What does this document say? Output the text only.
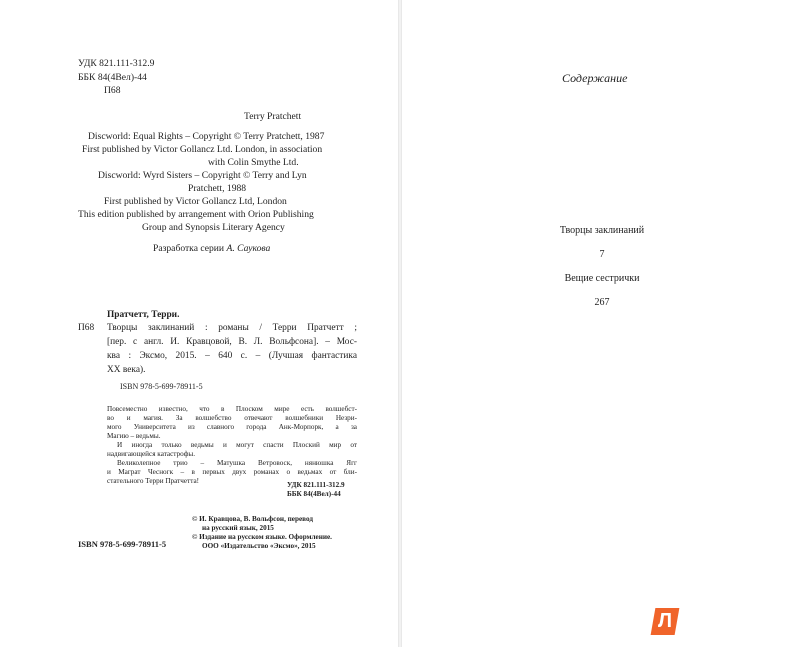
УДК 821.111-312.9
ББК 84(4Вел)-44
П68
Terry Pratchett
Discworld: Equal Rights – Copyright © Terry Pratchett, 1987
First published by Victor Gollancz Ltd. London, in association
with Colin Smythe Ltd.
Discworld: Wyrd Sisters – Copyright © Terry and Lyn
Pratchett, 1988
First published by Victor Gollancz Ltd, London
This edition published by arrangement with Orion Publishing
Group and Synopsis Literary Agency
Разработка серии А. Саукова
Пратчетт, Терри.
П68 Творцы заклинаний : романы / Терри Пратчетт ;
[пер. с англ. И. Кравцовой, В. Л. Вольфсона]. – Мос-
ква : Эксмо, 2015. – 640 с. – (Лучшая фантастика
XX века).
ISBN 978-5-699-78911-5
Повсеместно известно, что в Плоском мире есть волшебст-
во и магия. За волшебство отвечают волшебники Незри-
мого Университета из славного города Анк-Морпорк, а за
Магию – ведьмы.
И иногда только ведьмы и могут спасти Плоский мир от
надвигающейся катастрофы.
Великолепное трио – Матушка Ветровоск, нянюшка Ягг
и Маграт Чесногк – в первых двух романах о ведьмах от бли-
стательного Терри Пратчетта!	УДК 821.111-312.9
ББК 84(4Вел)-44
© И. Кравцова, В. Вольфсон, перевод
на русский язык, 2015
© Издание на русском языке. Оформление.
ООО «Издательство «Эксмо», 2015
ISBN 978-5-699-78911-5
Содержание
Творцы заклинаний
7
Вещие сестрички
267
Л
